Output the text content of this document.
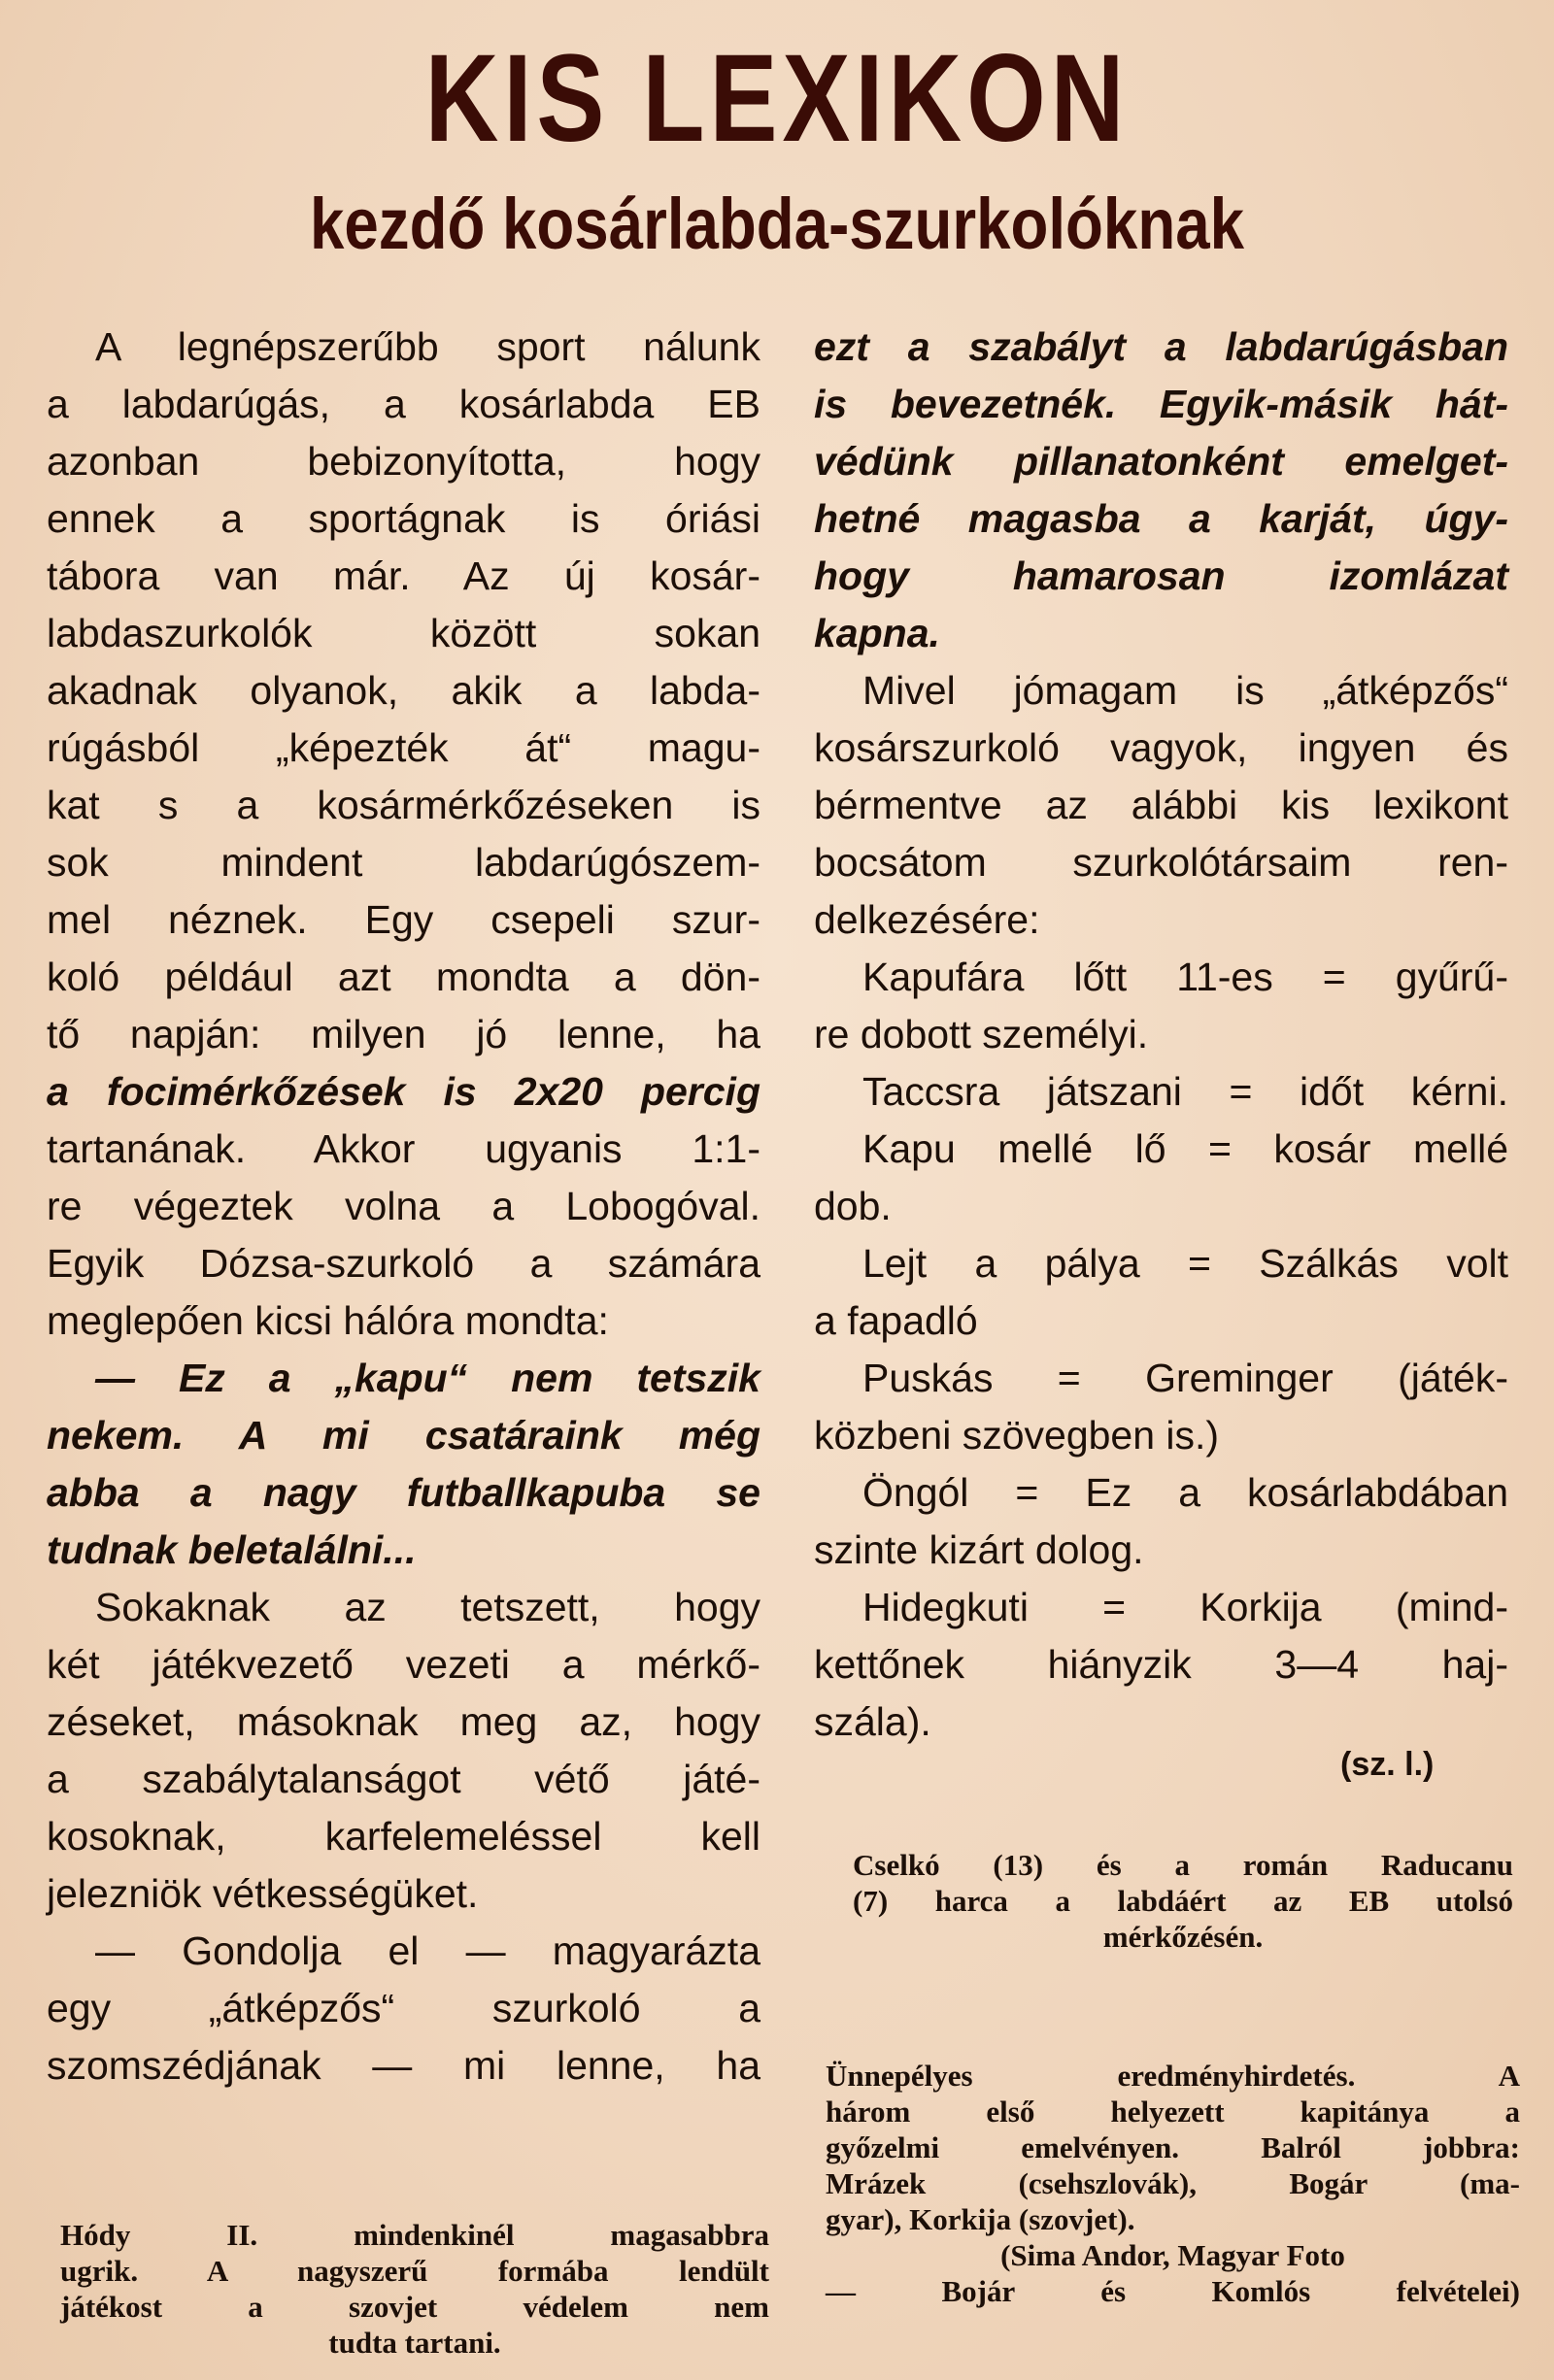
KIS LEXIKON
kezdő kosárlabda-szurkolóknak
A legnépszerűbb sport nálunk
a labdarúgás, a kosárlabda EB
azonban bebizonyította, hogy
ennek a sportágnak is óriási
tábora van már. Az új kosár-
labdaszurkolók között sokan
akadnak olyanok, akik a labda-
rúgásból „képezték át“ magu-
kat s a kosármérkőzéseken is
sok mindent labdarúgószem-
mel néznek. Egy csepeli szur-
koló például azt mondta a dön-
tő napján: milyen jó lenne, ha
a focimérkőzések is 2x20 percig
tartanának. Akkor ugyanis 1:1-
re végeztek volna a Lobogóval.
Egyik Dózsa-szurkoló a számára
meglepően kicsi hálóra mondta:
— Ez a „kapu“ nem tetszik
nekem. A mi csatáraink még
abba a nagy futballkapuba se
tudnak beletalálni...
Sokaknak az tetszett, hogy
két játékvezető vezeti a mérkő-
zéseket, másoknak meg az, hogy
a szabálytalanságot vétő játé-
kosoknak, karfelemeléssel kell
jelezniök vétkességüket.
— Gondolja el — magyarázta
egy „átképzős“ szurkoló a
szomszédjának — mi lenne, ha
ezt a szabályt a labdarúgásban
is bevezetnék. Egyik-másik hát-
védünk pillanatonként emelget-
hetné magasba a karját, úgy-
hogy hamarosan izomlázat
kapna.
Mivel jómagam is „átképzős“
kosárszurkoló vagyok, ingyen és
bérmentve az alábbi kis lexikont
bocsátom szurkolótársaim ren-
delkezésére:
Kapufára lőtt 11-es = gyűrű-
re dobott személyi.
Taccsra játszani = időt kérni.
Kapu mellé lő = kosár mellé
dob.
Lejt a pálya = Szálkás volt
a fapadló
Puskás = Greminger (játék-
közbeni szövegben is.)
Öngól = Ez a kosárlabdában
szinte kizárt dolog.
Hidegkuti = Korkija (mind-
kettőnek hiányzik 3—4 haj-
szála).
(sz. l.)
Cselkó (13) és a román Raducanu
(7) harca a labdáért az EB utolsó
mérkőzésén.
Ünnepélyes eredményhirdetés. A
három első helyezett kapitánya a
győzelmi emelvényen. Balról jobbra:
Mrázek (csehszlovák), Bogár (ma-
gyar), Korkija (szovjet).
(Sima Andor, Magyar Foto
— Bojár és Komlós felvételei)
Hódy II. mindenkinél magasabbra
ugrik. A nagyszerű formába lendült
játékost a szovjet védelem nem
tudta tartani.
